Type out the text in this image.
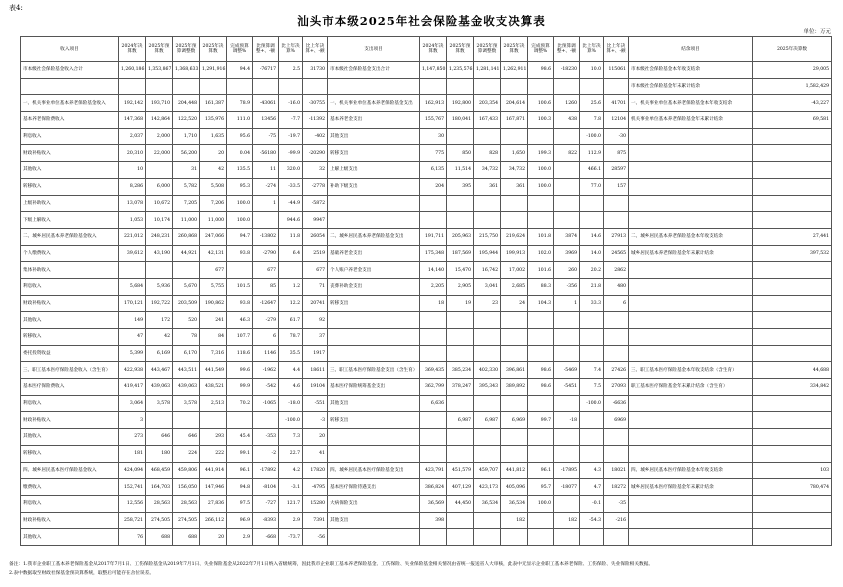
表4:
汕头市本级2025年社会保险基金收支决算表
单位：万元
收入项目	2024年决算数	2025年预算数	2025年预算调整数	2025年决算数	完成预算调整%	比预算调整+、-额	比上年决算%	比上年决算+、-额	支出项目	2024年决算数	2025年预算数	2025年预算调整数	2025年决算数	完成预算调整%	比预算调整+、-额	比上年决算%	比上年决算+、-额	结余项目	2025年决算数
市本级社会保险基金收入合计	1,260,186	1,353,867	1,368,633	1,291,916	94.4	-76717	2.5	31730	市本级社会保险基金支出合计	1,147,850	1,235,576	1,281,141	1,262,911	98.6	-18230	10.0	115061	市本级社会保险基金本年收支结余	29,005
																		市本级社会保险基金年末累计结余	1,582,429
一、机关事业单位基本养老保险基金收入	192,142	193,710	204,448	161,387	78.9	-43061	-16.0	-30755	一、机关事业单位基本养老保险基金支出	162,913	192,800	203,354	204,614	100.6	1260	25.6	41701	一、机关事业单位基本养老保险基金本年收支结余	-43,227
基本养老保险费收入	147,368	142,864	122,520	135,976	111.0	13456	-7.7	-11392	基本养老金支出	155,767	180,041	167,433	167,871	100.3	438	7.8	12104	机关事业单位基本养老保险基金年末累计结余	69,581
利息收入	2,037	2,000	1,710	1,635	95.6	-75	-19.7	-402	其他支出	30						-100.0	-30		
财政补贴收入	20,310	22,000	56,200	20	0.04	-56180	-99.9	-20290	转移支出	775	850	828	1,650	199.3	822	112.9	875		
其他收入	10		31	42	135.5	11	320.0	32	上解上级支出	6,135	11,514	34,732	34,732	100.0		466.1	28597		
转移收入	8,286	6,000	5,782	5,508	95.3	-274	-33.5	-2778	补助下级支出	204	395	361	361	100.0		77.0	157		
上级补助收入	13,078	10,672	7,205	7,206	100.0	1	-44.9	-5872											
下级上解收入	1,053	10,174	11,000	11,000	100.0		944.6	9947											
二、城乡居民基本养老保险基金收入	221,012	248,231	260,868	247,066	94.7	-13802	11.8	26054	二、城乡居民基本养老保险基金支出	191,711	205,963	215,750	219,624	101.8	3874	14.6	27913	二、城乡居民基本养老保险基金本年收支结余	27,441
个人缴费收入	39,612	43,190	44,921	42,131	93.8	-2790	6.4	2519	基础养老金支出	175,348	187,569	195,944	199,913	102.0	3969	14.0	24565	城乡居民基本养老保险基金年末累计结余	397,532
集体补助收入				677		677		677	个人账户养老金支出	14,140	15,470	16,742	17,002	101.6	260	20.2	2862		
利息收入	5,684	5,936	5,670	5,755	101.5	85	1.2	71	丧葬补助金支出	2,205	2,905	3,041	2,685	88.3	-356	21.8	480		
财政补贴收入	170,121	192,722	203,509	190,862	93.8	-12647	12.2	20741	转移支出	18	19	23	24	104.3	1	33.3	6		
其他收入	149	172	520	241	46.3	-279	61.7	92											
转移收入	47	42	78	84	107.7	6	78.7	37											
委托投资收益	5,399	6,169	6,170	7,316	118.6	1146	35.5	1917											
三、职工基本医疗保险基金收入（含生育）	422,938	443,467	443,511	441,549	99.6	-1962	4.4	18611	三、职工基本医疗保险基金支出（含生育）	369,435	385,234	402,330	396,861	98.6	-5469	7.4	27426	三、职工基本医疗保险基金本年收支结余（含生育）	44,688
基本医疗保险费收入	419,417	439,063	439,063	438,521	99.9	-542	4.6	19104	基本医疗保险统筹基金支出	362,799	378,247	395,343	389,892	98.6	-5451	7.5	27093	职工基本医疗保险基金年末累计结余（含生育）	334,842
利息收入	3,064	3,578	3,578	2,513	70.2	-1065	-18.0	-551	其他支出	6,636						-100.0	-6636		
财政补贴收入	3						-100.0	-3	转移支出		6,987	6,987	6,969	99.7	-18		6969		
其他收入	273	646	646	293	45.4	-353	7.3	20											
转移收入	181	180	224	222	99.1	-2	22.7	41											
四、城乡居民基本医疗保险基金收入	424,094	468,459	459,806	441,914	96.1	-17892	4.2	17820	四、城乡居民基本医疗保险基金支出	423,791	451,579	459,707	441,812	96.1	-17895	4.3	18021	四、城乡居民基本医疗保险基金本年收支结余	103
缴费收入	152,741	164,703	156,050	147,946	94.8	-8104	-3.1	-4795	基本医疗保险待遇支出	386,824	407,129	423,173	405,096	95.7	-18077	4.7	18272	城乡居民基本医疗保险基金年末累计结余	780,474
利息收入	12,556	28,563	28,563	27,836	97.5	-727	121.7	15280	大病保险支出	36,569	44,450	36,534	36,534	100.0		-0.1	-35		
财政补贴收入	258,721	274,505	274,505	266,112	96.9	-8393	2.9	7391	其他支出	398			182		182	-54.3	-216		
其他收入	76	688	688	20	2.9	-668	-73.7	-56											
备注：1.我市企业职工基本养老保险基金从2017年7月1日、工伤保险基金从2019年7月1日、失业保险基金从2022年7月1日纳入省级统筹，因此我市企业职工基本养老保险基金、工伤保险、失业保险基金相关情况由省统一报送省人大审核，此表中无显示企业职工基本养老保险、工伤保险、失业保险相关数据。
2.表中数据取至财政社保基金预决算系统，取整后可能存在舍位误差。
